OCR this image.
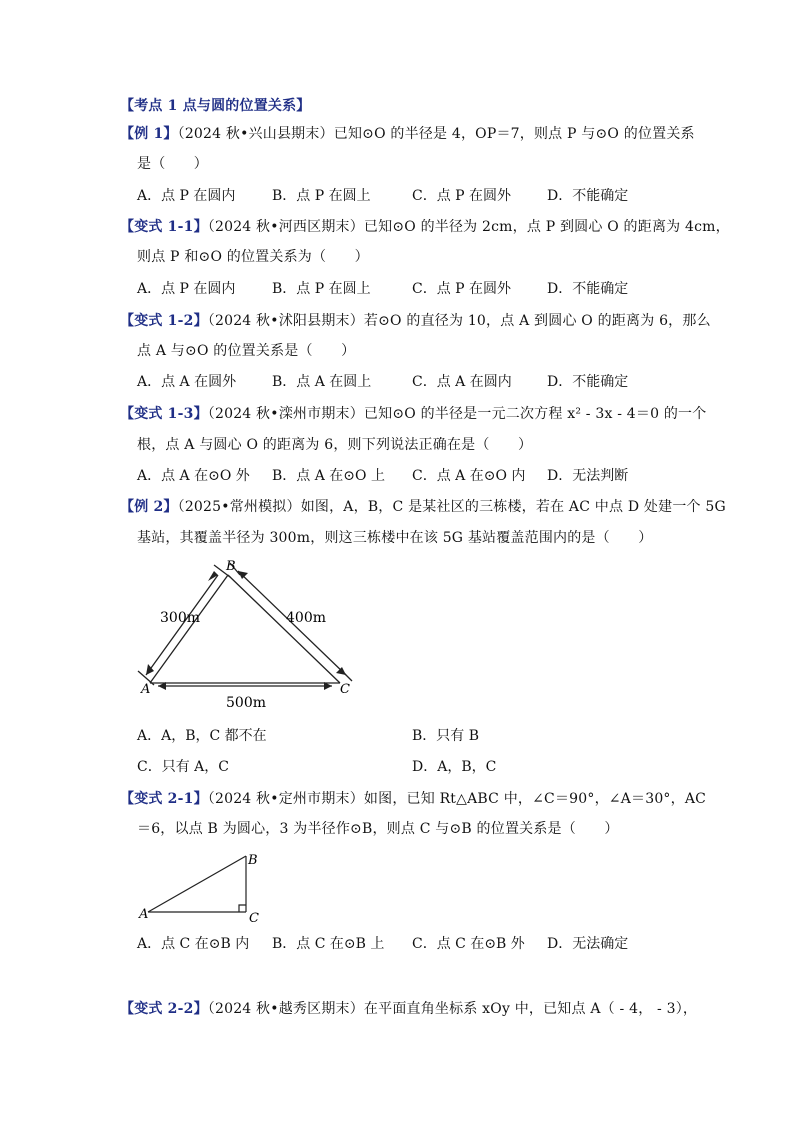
【考点 1 点与圆的位置关系】
【例 1】（2024 秋•兴山县期末）已知⊙O 的半径是 4，OP＝7，则点 P 与⊙O 的位置关系
是（　　）
A．点 P 在圆内	B．点 P 在圆上	C．点 P 在圆外	D．不能确定
【变式 1-1】（2024 秋•河西区期末）已知⊙O 的半径为 2cm，点 P 到圆心 O 的距离为 4cm，
则点 P 和⊙O 的位置关系为（　　）
A．点 P 在圆内	B．点 P 在圆上	C．点 P 在圆外	D．不能确定
【变式 1-2】（2024 秋•沭阳县期末）若⊙O 的直径为 10，点 A 到圆心 O 的距离为 6，那么
点 A 与⊙O 的位置关系是（　　）
A．点 A 在圆外	B．点 A 在圆上	C．点 A 在圆内	D．不能确定
【变式 1-3】（2024 秋•滦州市期末）已知⊙O 的半径是一元二次方程 x² - 3x - 4＝0 的一个
根，点 A 与圆心 O 的距离为 6，则下列说法正确在是（　　）
A．点 A 在⊙O 外 B．点 A 在⊙O 上 C．点 A 在⊙O 内 D．无法判断
【例 2】（2025•常州模拟）如图，A，B，C 是某社区的三栋楼，若在 AC 中点 D 处建一个 5G
基站，其覆盖半径为 300m，则这三栋楼中在该 5G 基站覆盖范围内的是（　　）
B
A	C
300m	400m
500m
A．A，B，C 都不在	B．只有 B
C．只有 A，C	D．A，B，C
【变式 2-1】（2024 秋•定州市期末）如图，已知 Rt△ABC 中，∠C＝90°，∠A＝30°，AC
＝6，以点 B 为圆心，3 为半径作⊙B，则点 C 与⊙B 的位置关系是（　　）
B
A	C
A．点 C 在⊙B 内 B．点 C 在⊙B 上 C．点 C 在⊙B 外 D．无法确定
【变式 2-2】（2024 秋•越秀区期末）在平面直角坐标系 xOy 中，已知点 A（ - 4， - 3），
